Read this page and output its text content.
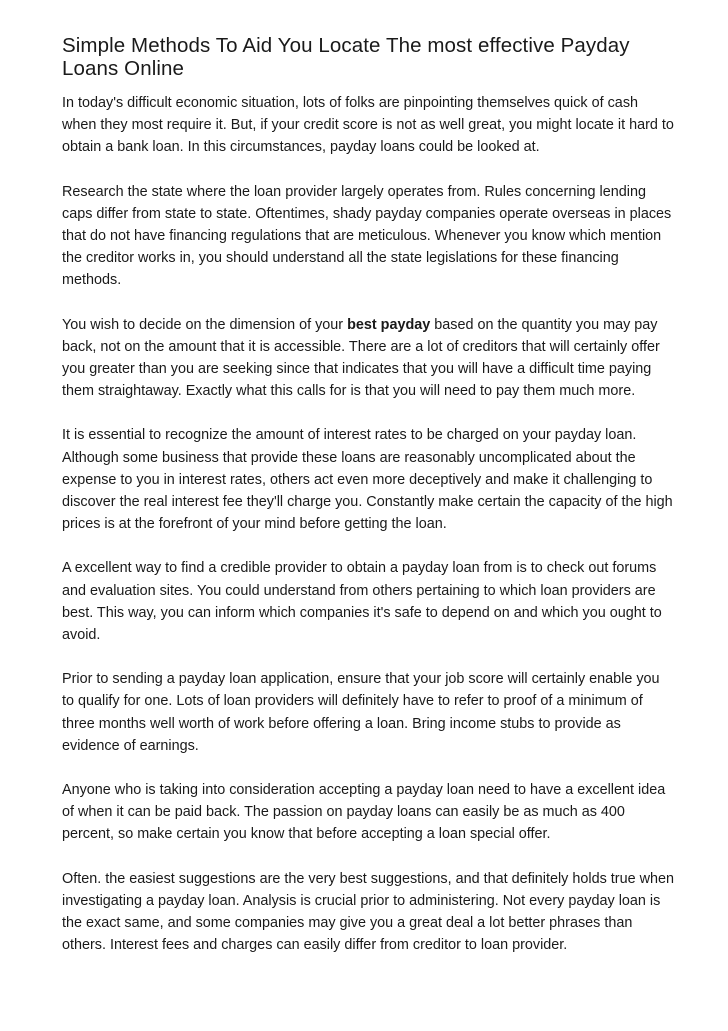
Simple Methods To Aid You Locate The most effective Payday Loans Online

In today's difficult economic situation, lots of folks are pinpointing themselves quick of cash when they most require it. But, if your credit score is not as well great, you might locate it hard to obtain a bank loan. In this circumstances, payday loans could be looked at.

Research the state where the loan provider largely operates from. Rules concerning lending caps differ from state to state. Oftentimes, shady payday companies operate overseas in places that do not have financing regulations that are meticulous. Whenever you know which mention the creditor works in, you should understand all the state legislations for these financing methods.

You wish to decide on the dimension of your best payday based on the quantity you may pay back, not on the amount that it is accessible. There are a lot of creditors that will certainly offer you greater than you are seeking since that indicates that you will have a difficult time paying them straightaway. Exactly what this calls for is that you will need to pay them much more.

It is essential to recognize the amount of interest rates to be charged on your payday loan. Although some business that provide these loans are reasonably uncomplicated about the expense to you in interest rates, others act even more deceptively and make it challenging to discover the real interest fee they'll charge you. Constantly make certain the capacity of the high prices is at the forefront of your mind before getting the loan.

A excellent way to find a credible provider to obtain a payday loan from is to check out forums and evaluation sites. You could understand from others pertaining to which loan providers are best. This way, you can inform which companies it's safe to depend on and which you ought to avoid.

Prior to sending a payday loan application, ensure that your job score will certainly enable you to qualify for one. Lots of loan providers will definitely have to refer to proof of a minimum of three months well worth of work before offering a loan. Bring income stubs to provide as evidence of earnings.

Anyone who is taking into consideration accepting a payday loan need to have a excellent idea of when it can be paid back. The passion on payday loans can easily be as much as 400 percent, so make certain you know that before accepting a loan special offer.

Often. the easiest suggestions are the very best suggestions, and that definitely holds true when investigating a payday loan. Analysis is crucial prior to administering. Not every payday loan is the exact same, and some companies may give you a great deal a lot better phrases than others. Interest fees and charges can easily differ from creditor to loan provider.
